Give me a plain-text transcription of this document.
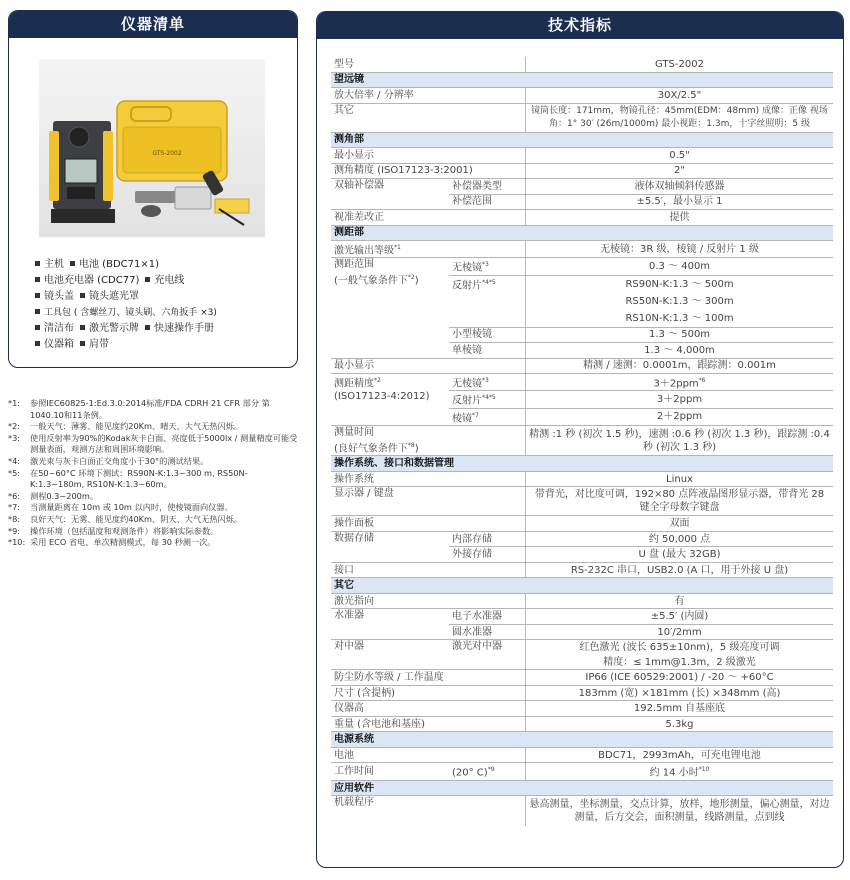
仪器清单
GTS-2002
主机 电池 (BDC71×1)
电池充电器 (CDC77) 充电线
镜头盖 镜头遮光罩
工具包 ( 含螺丝刀、镜头刷、六角扳手 ×3)
清洁布 激光警示牌 快速操作手册
仪器箱 肩带
*1:	参照IEC60825-1:Ed.3.0:2014标准/FDA CDRH 21 CFR 部分 第 1040.10和11条例。
*2:	一般天气：薄雾、能见度约20Km、晴天、大气无热闪烁。
*3:	使用反射率为90%的Kodak灰卡白面、亮度低于5000lx / 测量精度可能受测量表面，观测方法和周围环境影响。
*4:	激光束与灰卡白面正交角度小于30°的测试结果。
*5:	在50~60°C 环境下测试：RS90N-K:1.3~300 m, RS50N-K:1.3~180m, RS10N-K:1.3~60m。
*6:	测程0.3~200m。
*7:	当测量距离在 10m 或 10m 以内时，使棱镜面向仪器。
*8:	良好天气：无雾、能见度约40Km、阴天、大气无热闪烁。
*9:	操作环境（包括温度和观测条件）将影响实际参数。
*10: 采用 ECO 省电、单次精测模式，每 30 秒测一次。
技术指标
型号		GTS-2002
望远镜		
放大倍率 / 分辨率		30X/2.5"
其它		镜筒长度：171mm，物镜孔径：45mm(EDM：48mm) 成像：正像 视场角：1° 30′ (26m/1000m) 最小视距：1.3m，十字丝照明：5 级
测角部		
最小显示		0.5"
测角精度 (ISO17123-3:2001)		2"
双轴补偿器	补偿器类型	液体双轴倾斜传感器
	补偿范围	±5.5′，最小显示 1
视准差改正		提供
测距部		
激光输出等级$^{*1}$		无棱镜：3R 级，棱镜 / 反射片 1 级
测距范围
(一般气象条件下$^{*2}$)	无棱镜$^{*3}$	0.3 ～ 400m
	反射片$^{*4*5}$	RS90N-K:1.3 ～ 500m
		RS50N-K:1.3 ～ 300m
		RS10N-K:1.3 ～ 100m
	小型棱镜	1.3 ～ 500m
	单棱镜	1.3 ～ 4,000m
最小显示		精测 / 速测：0.0001m，跟踪测：0.001m
测距精度$^{*2}$
(ISO17123-4:2012)	无棱镜$^{*3}$	3＋2ppm$^{*6}$
	反射片$^{*4*5}$	3＋2ppm
	棱镜$^{*7}$	2＋2ppm
测量时间
(良好气象条件下$^{*8}$)		精测 :1 秒 (初次 1.5 秒)，速测 :0.6 秒 (初次 1.3 秒)，跟踪测 :0.4 秒 (初次 1.3 秒)
操作系统、接口和数据管理		
操作系统		Linux
显示器 / 键盘		带背光，对比度可调，192×80 点阵液晶图形显示器，带背光 28 键全字母数字键盘
操作面板		双面
数据存储	内部存储	约 50,000 点
	外接存储	U 盘 (最大 32GB)
接口		RS-232C 串口，USB2.0 (A 口，用于外接 U 盘)
其它		
激光指向		有
水准器	电子水准器	±5.5′ (内圆)
	圆水准器	10′/2mm
对中器	激光对中器	红色激光 (波长 635±10nm)，5 级亮度可调
		精度：≤ 1mm@1.3m，2 级激光
防尘防水等级 / 工作温度		IP66 (ICE 60529:2001) / -20 ～ +60°C
尺寸 (含提柄)		183mm (宽) ×181mm (长) ×348mm (高)
仪器高		192.5mm 自基座底
重量 (含电池和基座)		5.3kg
电源系统		
电池		BDC71，2993mAh，可充电锂电池
工作时间	(20° C)$^{*9}$	约 14 小时$^{*10}$
应用软件		
机载程序		悬高测量，坐标测量，交点计算，放样，地形测量，偏心测量，对边测量，后方交会，面积测量，线路测量，点到线
